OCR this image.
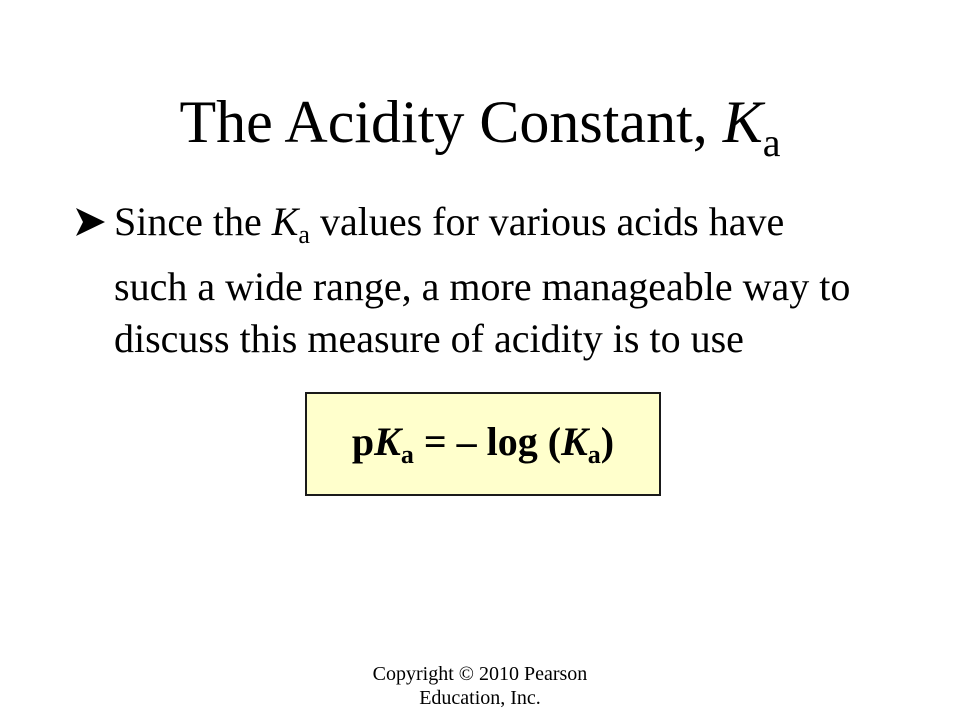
The Acidity Constant, $K_a$
Since the $K_a$ values for various acids have
such a wide range, a more manageable way to
discuss this measure of acidity is to use
$pK_a$ = – $\log (K_a)$
Copyright © 2010 Pearson
Education, Inc.
